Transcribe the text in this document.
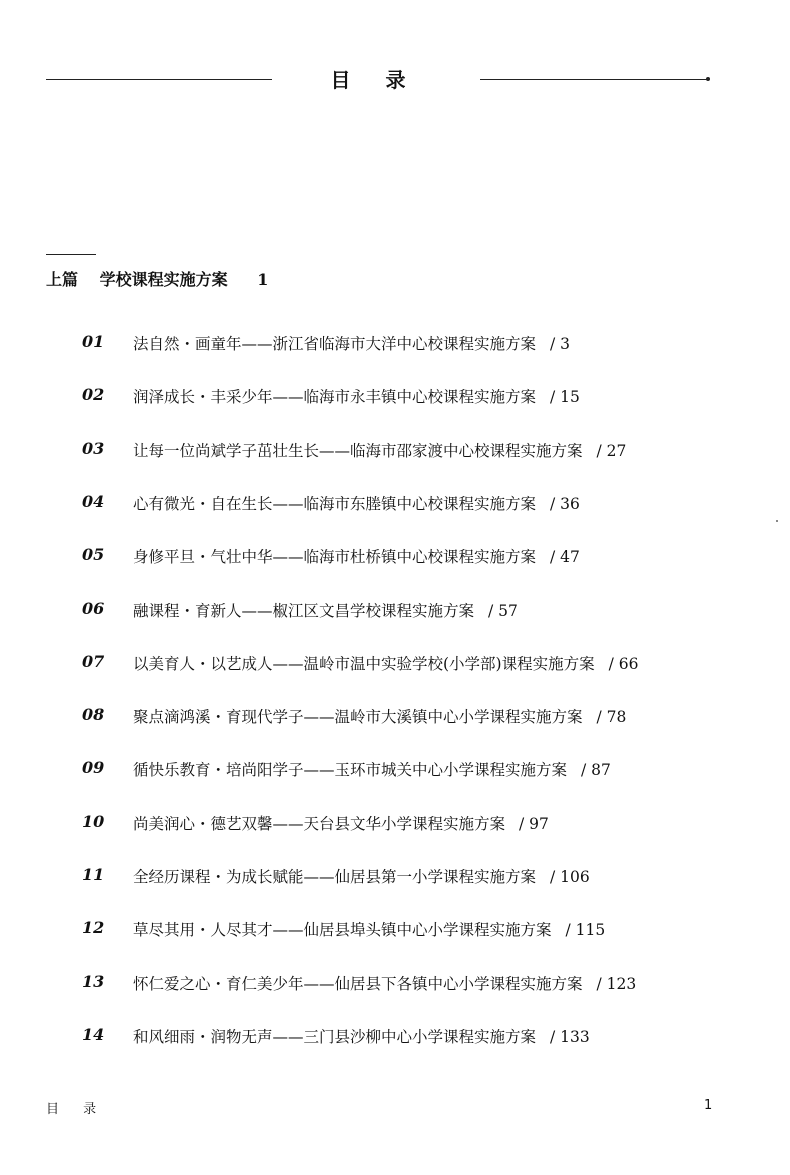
目 录
上篇 学校课程实施方案 1
01 法自然・画童年——浙江省临海市大洋中心校课程实施方案 / 3
02 润泽成长・丰采少年——临海市永丰镇中心校课程实施方案 / 15
03 让每一位尚斌学子茁壮生长——临海市邵家渡中心校课程实施方案 / 27
04 心有微光・自在生长——临海市东塍镇中心校课程实施方案 / 36
05 身修平旦・气壮中华——临海市杜桥镇中心校课程实施方案 / 47
06 融课程・育新人——椒江区文昌学校课程实施方案 / 57
07 以美育人・以艺成人——温岭市温中实验学校(小学部)课程实施方案 / 66
08 聚点滴鸿溪・育现代学子——温岭市大溪镇中心小学课程实施方案 / 78
09 循快乐教育・培尚阳学子——玉环市城关中心小学课程实施方案 / 87
10 尚美润心・德艺双馨——天台县文华小学课程实施方案 / 97
11 全经历课程・为成长赋能——仙居县第一小学课程实施方案 / 106
12 草尽其用・人尽其才——仙居县埠头镇中心小学课程实施方案 / 115
13 怀仁爱之心・育仁美少年——仙居县下各镇中心小学课程实施方案 / 123
14 和风细雨・润物无声——三门县沙柳中心小学课程实施方案 / 133
目 录	1
